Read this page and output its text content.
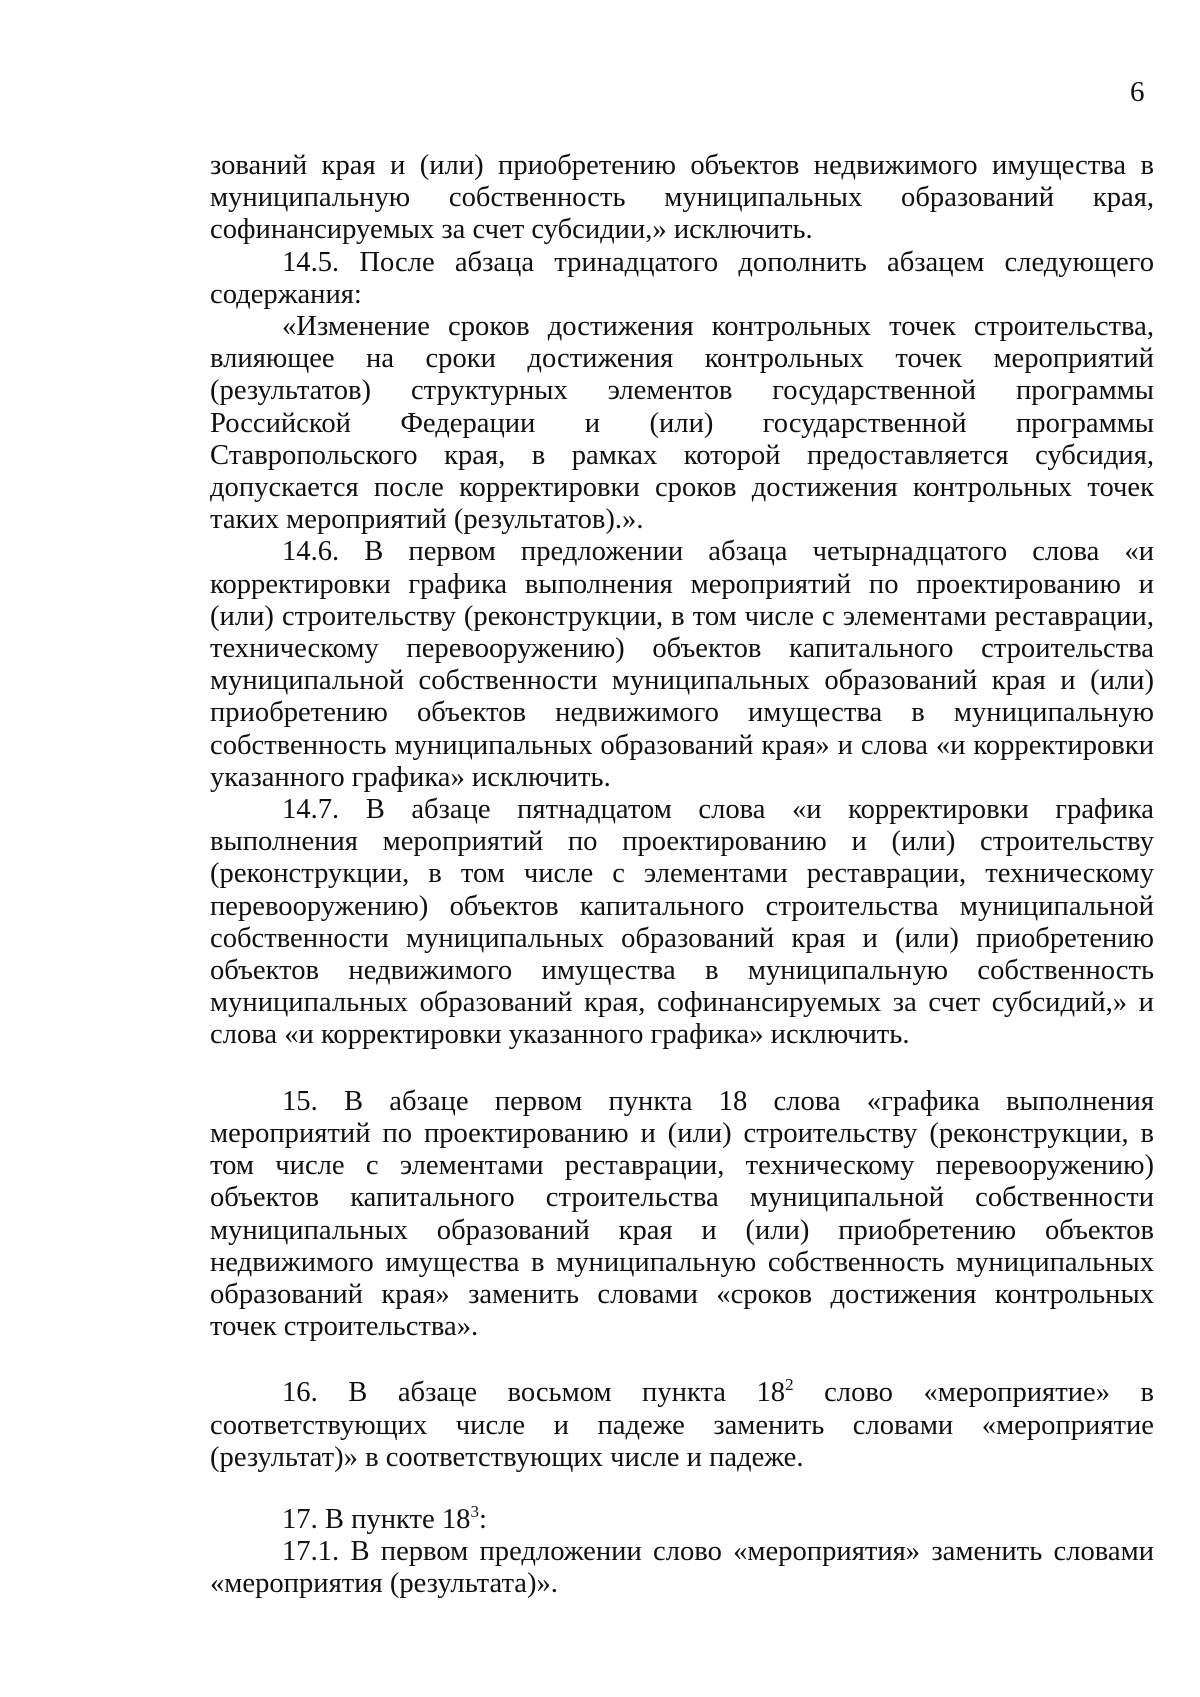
6

зований края и (или) приобретению объектов недвижимого имущества в муниципальную собственность муниципальных образований края, софинансируемых за счет субсидии,» исключить.

14.5. После абзаца тринадцатого дополнить абзацем следующего содержания:

«Изменение сроков достижения контрольных точек строительства, влияющее на сроки достижения контрольных точек мероприятий (результатов) структурных элементов государственной программы Российской Федерации и (или) государственной программы Ставропольского края, в рамках которой предоставляется субсидия, допускается после корректировки сроков достижения контрольных точек таких мероприятий (результатов).».

14.6. В первом предложении абзаца четырнадцатого слова «и корректировки графика выполнения мероприятий по проектированию и (или) строительству (реконструкции, в том числе с элементами реставрации, техническому перевооружению) объектов капитального строительства муниципальной собственности муниципальных образований края и (или) приобретению объектов недвижимого имущества в муниципальную собственность муниципальных образований края» и слова «и корректировки указанного графика» исключить.

14.7. В абзаце пятнадцатом слова «и корректировки графика выполнения мероприятий по проектированию и (или) строительству (реконструкции, в том числе с элементами реставрации, техническому перевооружению) объектов капитального строительства муниципальной собственности муниципальных образований края и (или) приобретению объектов недвижимого имущества в муниципальную собственность муниципальных образований края, софинансируемых за счет субсидий,» и слова «и корректировки указанного графика» исключить.

15. В абзаце первом пункта 18 слова «графика выполнения мероприятий по проектированию и (или) строительству (реконструкции, в том числе с элементами реставрации, техническому перевооружению) объектов капитального строительства муниципальной собственности муниципальных образований края и (или) приобретению объектов недвижимого имущества в муниципальную собственность муниципальных образований края» заменить словами «сроков достижения контрольных точек строительства».

16. В абзаце восьмом пункта $18^2$ слово «мероприятие» в соответствующих числе и падеже заменить словами «мероприятие (результат)» в соответствующих числе и падеже.

17. В пункте $18^3$:

17.1. В первом предложении слово «мероприятия» заменить словами «мероприятия (результата)».
